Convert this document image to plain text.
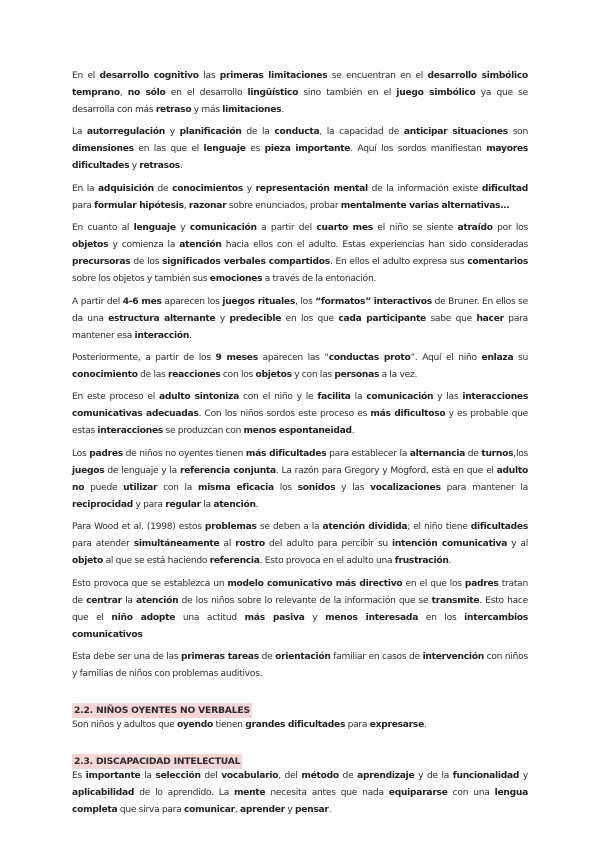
En el desarrollo cognitivo las primeras limitaciones se encuentran en el desarrollo simbólico temprano, no sólo en el desarrollo lingüístico sino también en el juego simbólico ya que se desarrolla con más retraso y más limitaciones.

La autorregulación y planificación de la conducta, la capacidad de anticipar situaciones son dimensiones en las que el lenguaje es pieza importante. Aquí los sordos manifiestan mayores dificultades y retrasos.

En la adquisición de conocimientos y representación mental de la información existe dificultad para formular hipótesis, razonar sobre enunciados, probar mentalmente varias alternativas…

En cuanto al lenguaje y comunicación a partir del cuarto mes el niño se siente atraído por los objetos y comienza la atención hacia ellos con el adulto. Estas experiencias han sido consideradas precursoras de los significados verbales compartidos. En ellos el adulto expresa sus comentarios sobre los objetos y también sus emociones a través de la entonación.

A partir del 4-6 mes aparecen los juegos rituales, los “formatos” interactivos de Bruner. En ellos se da una estructura alternante y predecible en los que cada participante sabe que hacer para mantener esa interacción.

Posteriormente, a partir de los 9 meses aparecen las “conductas proto”. Aquí el niño enlaza su conocimiento de las reacciones con los objetos y con las personas a la vez.

En este proceso el adulto sintoniza con el niño y le facilita la comunicación y las interacciones comunicativas adecuadas. Con los niños sordos este proceso es más dificultoso y es probable que estas interacciones se produzcan con menos espontaneidad.

Los padres de niños no oyentes tienen más dificultades para establecer la alternancia de turnos,los juegos de lenguaje y la referencia conjunta. La razón para Gregory y Mogford, está en que el adulto no puede utilizar con la misma eficacia los sonidos y las vocalizaciones para mantener la reciprocidad y para regular la atención.

Para Wood et al. (1998) estos problemas se deben a la atención dividida; el niño tiene dificultades para atender simultáneamente al rostro del adulto para percibir su intención comunicativa y al objeto al que se está haciendo referencia. Esto provoca en el adulto una frustración.

Esto provoca que se establezca un modelo comunicativo más directivo en el que los padres tratan de centrar la atención de los niños sobre lo relevante de la información que se transmite. Esto hace que el niño adopte una actitud más pasiva y menos interesada en los intercambios comunicativos

Esta debe ser una de las primeras tareas de orientación familiar en casos de intervención con niños y familias de niños con problemas auditivos.

2.2. NIÑOS OYENTES NO VERBALES

Son niños y adultos que oyendo tienen grandes dificultades para expresarse.

2.3. DISCAPACIDAD INTELECTUAL

Es importante la selección del vocabulario, del método de aprendizaje y de la funcionalidad y aplicabilidad de lo aprendido. La mente necesita antes que nada equipararse con una lengua completa que sirva para comunicar, aprender y pensar.
